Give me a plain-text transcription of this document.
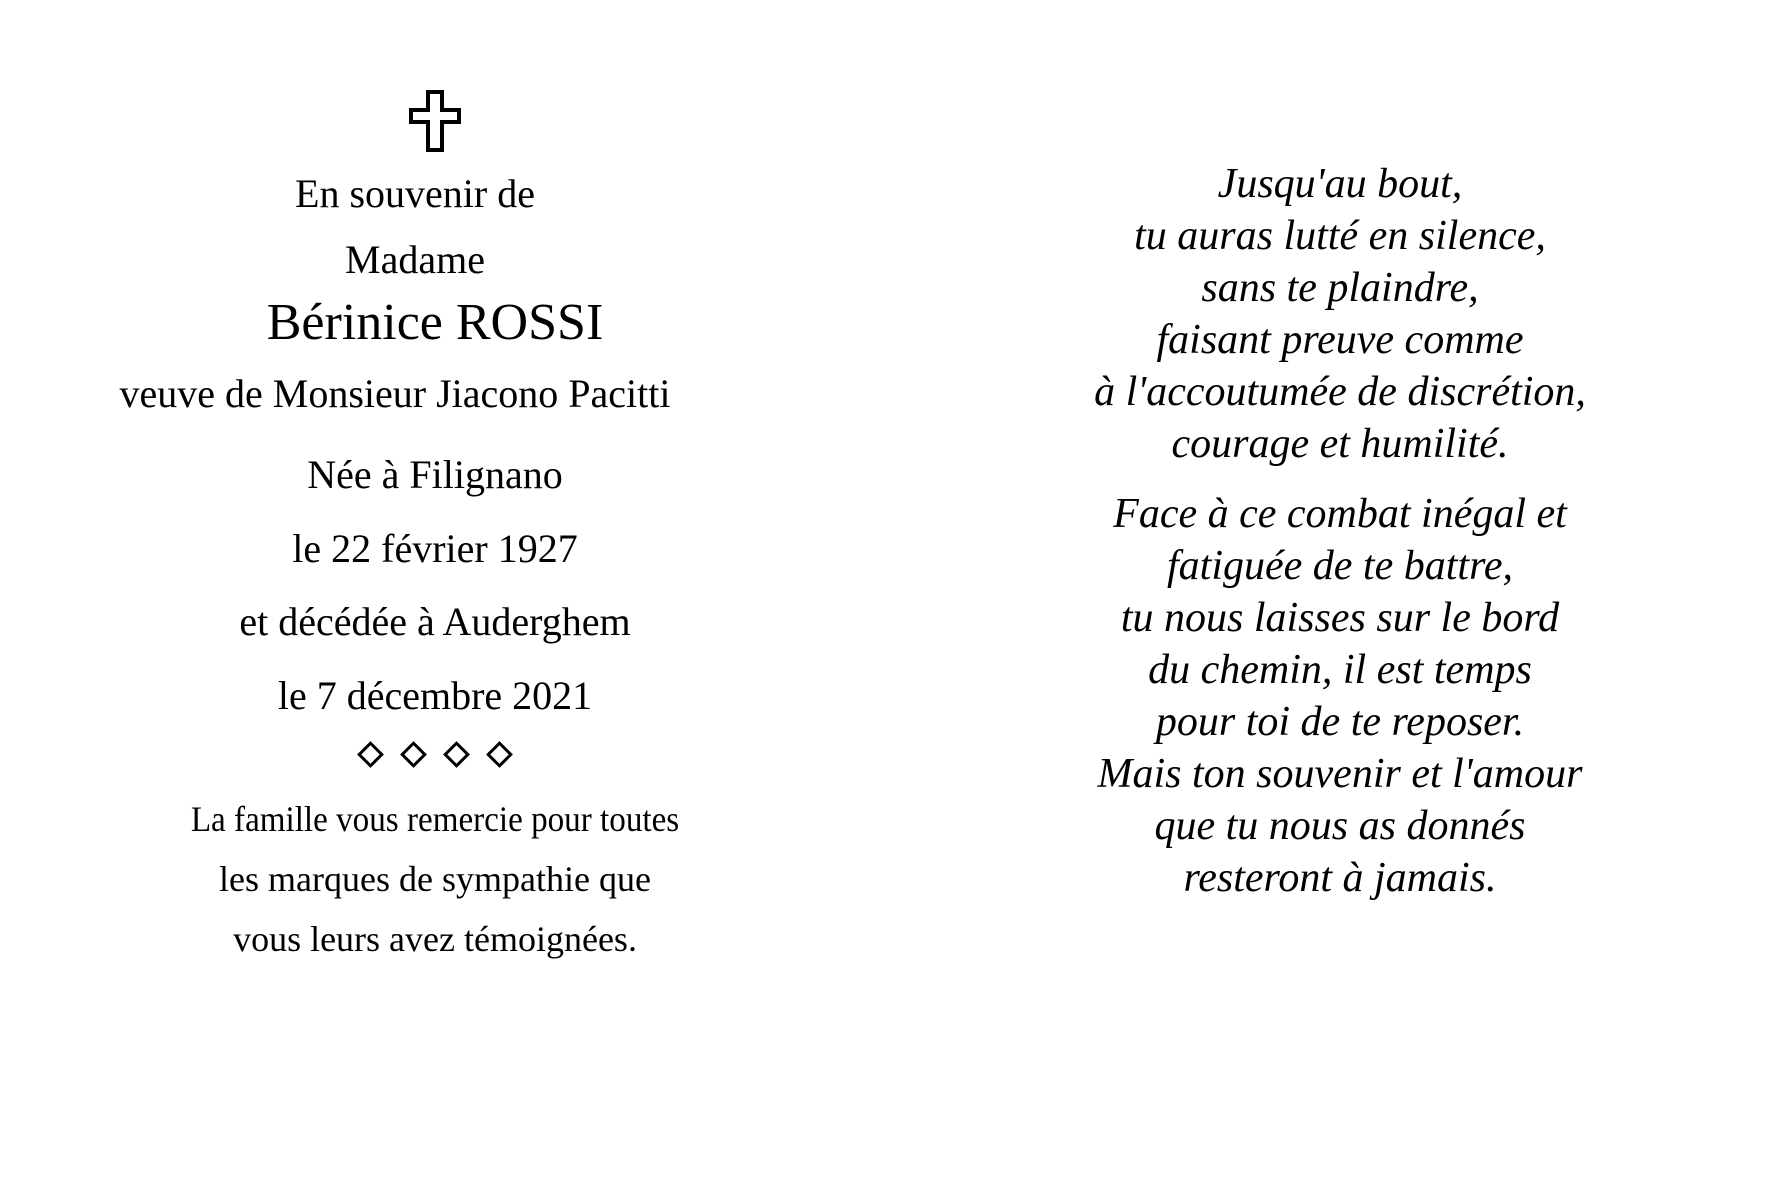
En souvenir de
Madame
Bérinice ROSSI
veuve de Monsieur Jiacono Pacitti
Née à Filignano
le 22 février 1927
et décédée à Auderghem
le 7 décembre 2021

La famille vous remercie pour toutes
les marques de sympathie que
vous leurs avez témoignées.
Jusqu'au bout,
tu auras lutté en silence,
sans te plaindre,
faisant preuve comme
à l'accoutumée de discrétion,
courage et humilité.
Face à ce combat inégal et
fatiguée de te battre,
tu nous laisses sur le bord
du chemin, il est temps
pour toi de te reposer.
Mais ton souvenir et l'amour
que tu nous as donnés
resteront à jamais.
